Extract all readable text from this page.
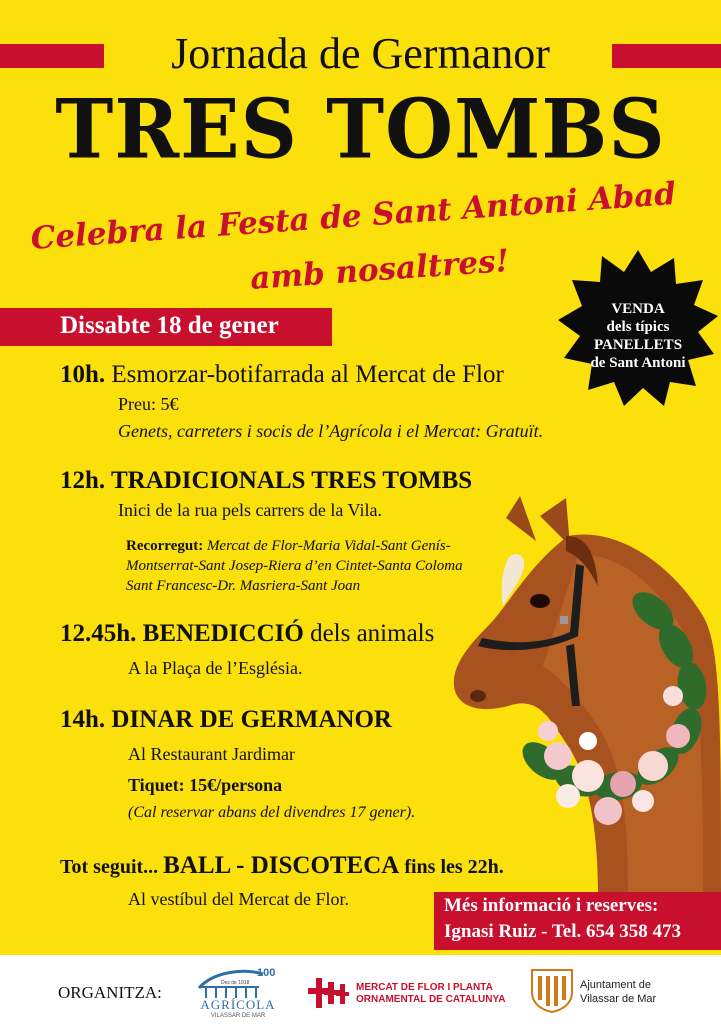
Jornada de Germanor
TRES TOMBS
Celebra la Festa de Sant Antoni Abad
amb nosaltres!
VENDA
dels típics
PANELLETS
de Sant Antoni
Dissabte 18 de gener
10h. Esmorzar-botifarrada al Mercat de Flor
Preu: 5€
Genets, carreters i socis de l’Agrícola i el Mercat: Gratuït.
12h. TRADICIONALS TRES TOMBS
Inici de la rua pels carrers de la Vila.
Recorregut: Mercat de Flor-Maria Vidal-Sant Genís-
Montserrat-Sant Josep-Riera d’en Cintet-Santa Coloma
Sant Francesc-Dr. Masriera-Sant Joan
12.45h. BENEDICCIÓ dels animals
A la Plaça de l’Església.
14h. DINAR DE GERMANOR
Al Restaurant Jardimar
Tiquet: 15€/persona
(Cal reservar abans del divendres 17 gener).
Tot seguit... BALL - DISCOTECA fins les 22h.
Al vestíbul del Mercat de Flor.	Més informació i reserves:
Ignasi Ruiz - Tel. 654 358 473
ORGANITZA:
100
Des de 1918
AGRÍCOLA
VILASSAR DE MAR
MERCAT DE FLOR I PLANTA
ORNAMENTAL DE CATALUNYA
Ajuntament de
Vilassar de Mar
